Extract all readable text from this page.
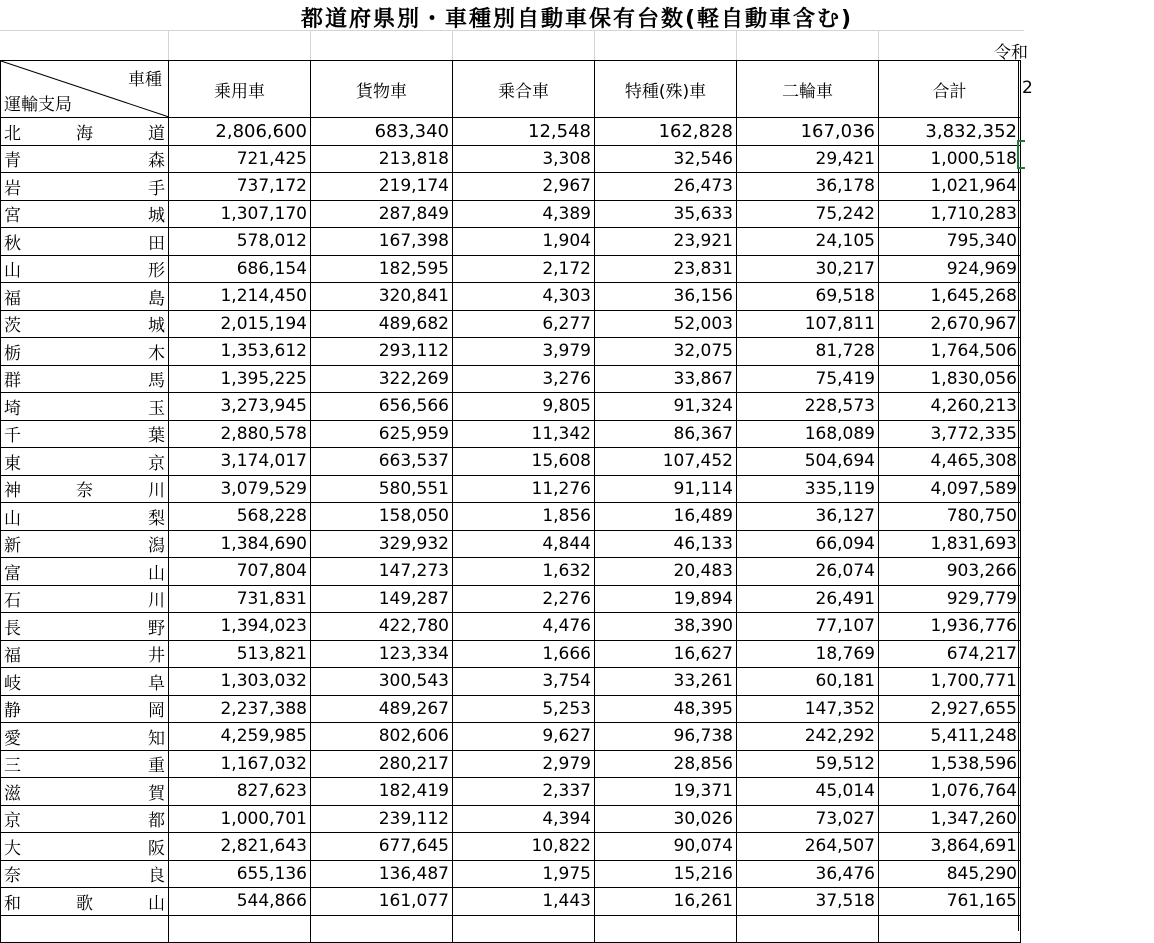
都道府県別・車種別自動車保有台数(軽自動車含む)
令和
車種
運輸支局	乗用車	貨物車	乗合車	特種(殊)車	二輪車	合計

北 海 道	2,806,600	683,340	12,548	162,828	167,036	3,832,352

青 森	721,425	213,818	3,308	32,546	29,421	1,000,518

岩 手	737,172	219,174	2,967	26,473	36,178	1,021,964

宮 城	1,307,170	287,849	4,389	35,633	75,242	1,710,283

秋 田	578,012	167,398	1,904	23,921	24,105	795,340

山 形	686,154	182,595	2,172	23,831	30,217	924,969

福 島	1,214,450	320,841	4,303	36,156	69,518	1,645,268

茨 城	2,015,194	489,682	6,277	52,003	107,811	2,670,967

栃 木	1,353,612	293,112	3,979	32,075	81,728	1,764,506

群 馬	1,395,225	322,269	3,276	33,867	75,419	1,830,056

埼 玉	3,273,945	656,566	9,805	91,324	228,573	4,260,213

千 葉	2,880,578	625,959	11,342	86,367	168,089	3,772,335

東 京	3,174,017	663,537	15,608	107,452	504,694	4,465,308

神 奈 川	3,079,529	580,551	11,276	91,114	335,119	4,097,589

山 梨	568,228	158,050	1,856	16,489	36,127	780,750

新 潟	1,384,690	329,932	4,844	46,133	66,094	1,831,693

富 山	707,804	147,273	1,632	20,483	26,074	903,266

石 川	731,831	149,287	2,276	19,894	26,491	929,779

長 野	1,394,023	422,780	4,476	38,390	77,107	1,936,776

福 井	513,821	123,334	1,666	16,627	18,769	674,217

岐 阜	1,303,032	300,543	3,754	33,261	60,181	1,700,771

静 岡	2,237,388	489,267	5,253	48,395	147,352	2,927,655

愛 知	4,259,985	802,606	9,627	96,738	242,292	5,411,248

三 重	1,167,032	280,217	2,979	28,856	59,512	1,538,596

滋 賀	827,623	182,419	2,337	19,371	45,014	1,076,764

京 都	1,000,701	239,112	4,394	30,026	73,027	1,347,260

大 阪	2,821,643	677,645	10,822	90,074	264,507	3,864,691

奈 良	655,136	136,487	1,975	15,216	36,476	845,290

和 歌 山	544,866	161,077	1,443	16,261	37,518	761,165

2
